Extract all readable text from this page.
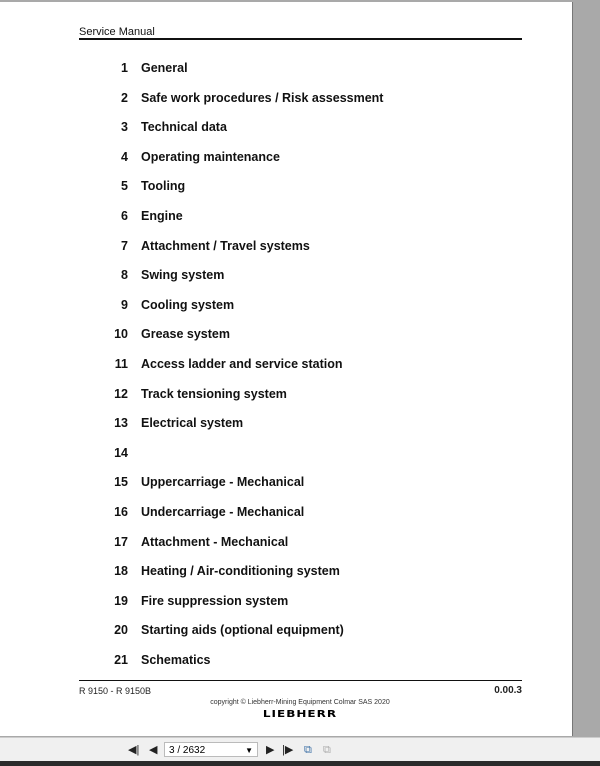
Service Manual
1 General
2 Safe work procedures / Risk assessment
3 Technical data
4 Operating maintenance
5 Tooling
6 Engine
7 Attachment / Travel systems
8 Swing system
9 Cooling system
10 Grease system
11 Access ladder and service station
12 Track tensioning system
13 Electrical system
14
15 Uppercarriage - Mechanical
16 Undercarriage - Mechanical
17 Attachment - Mechanical
18 Heating / Air-conditioning system
19 Fire suppression system
20 Starting aids (optional equipment)
21 Schematics
R 9150 - R 9150B	0.00.3
copyright © Liebherr-Mining Equipment Colmar SAS 2020
LIEBHERR
◀| ◀	3 / 2632	▼ ▶ |▶ ⧉ ⧉
